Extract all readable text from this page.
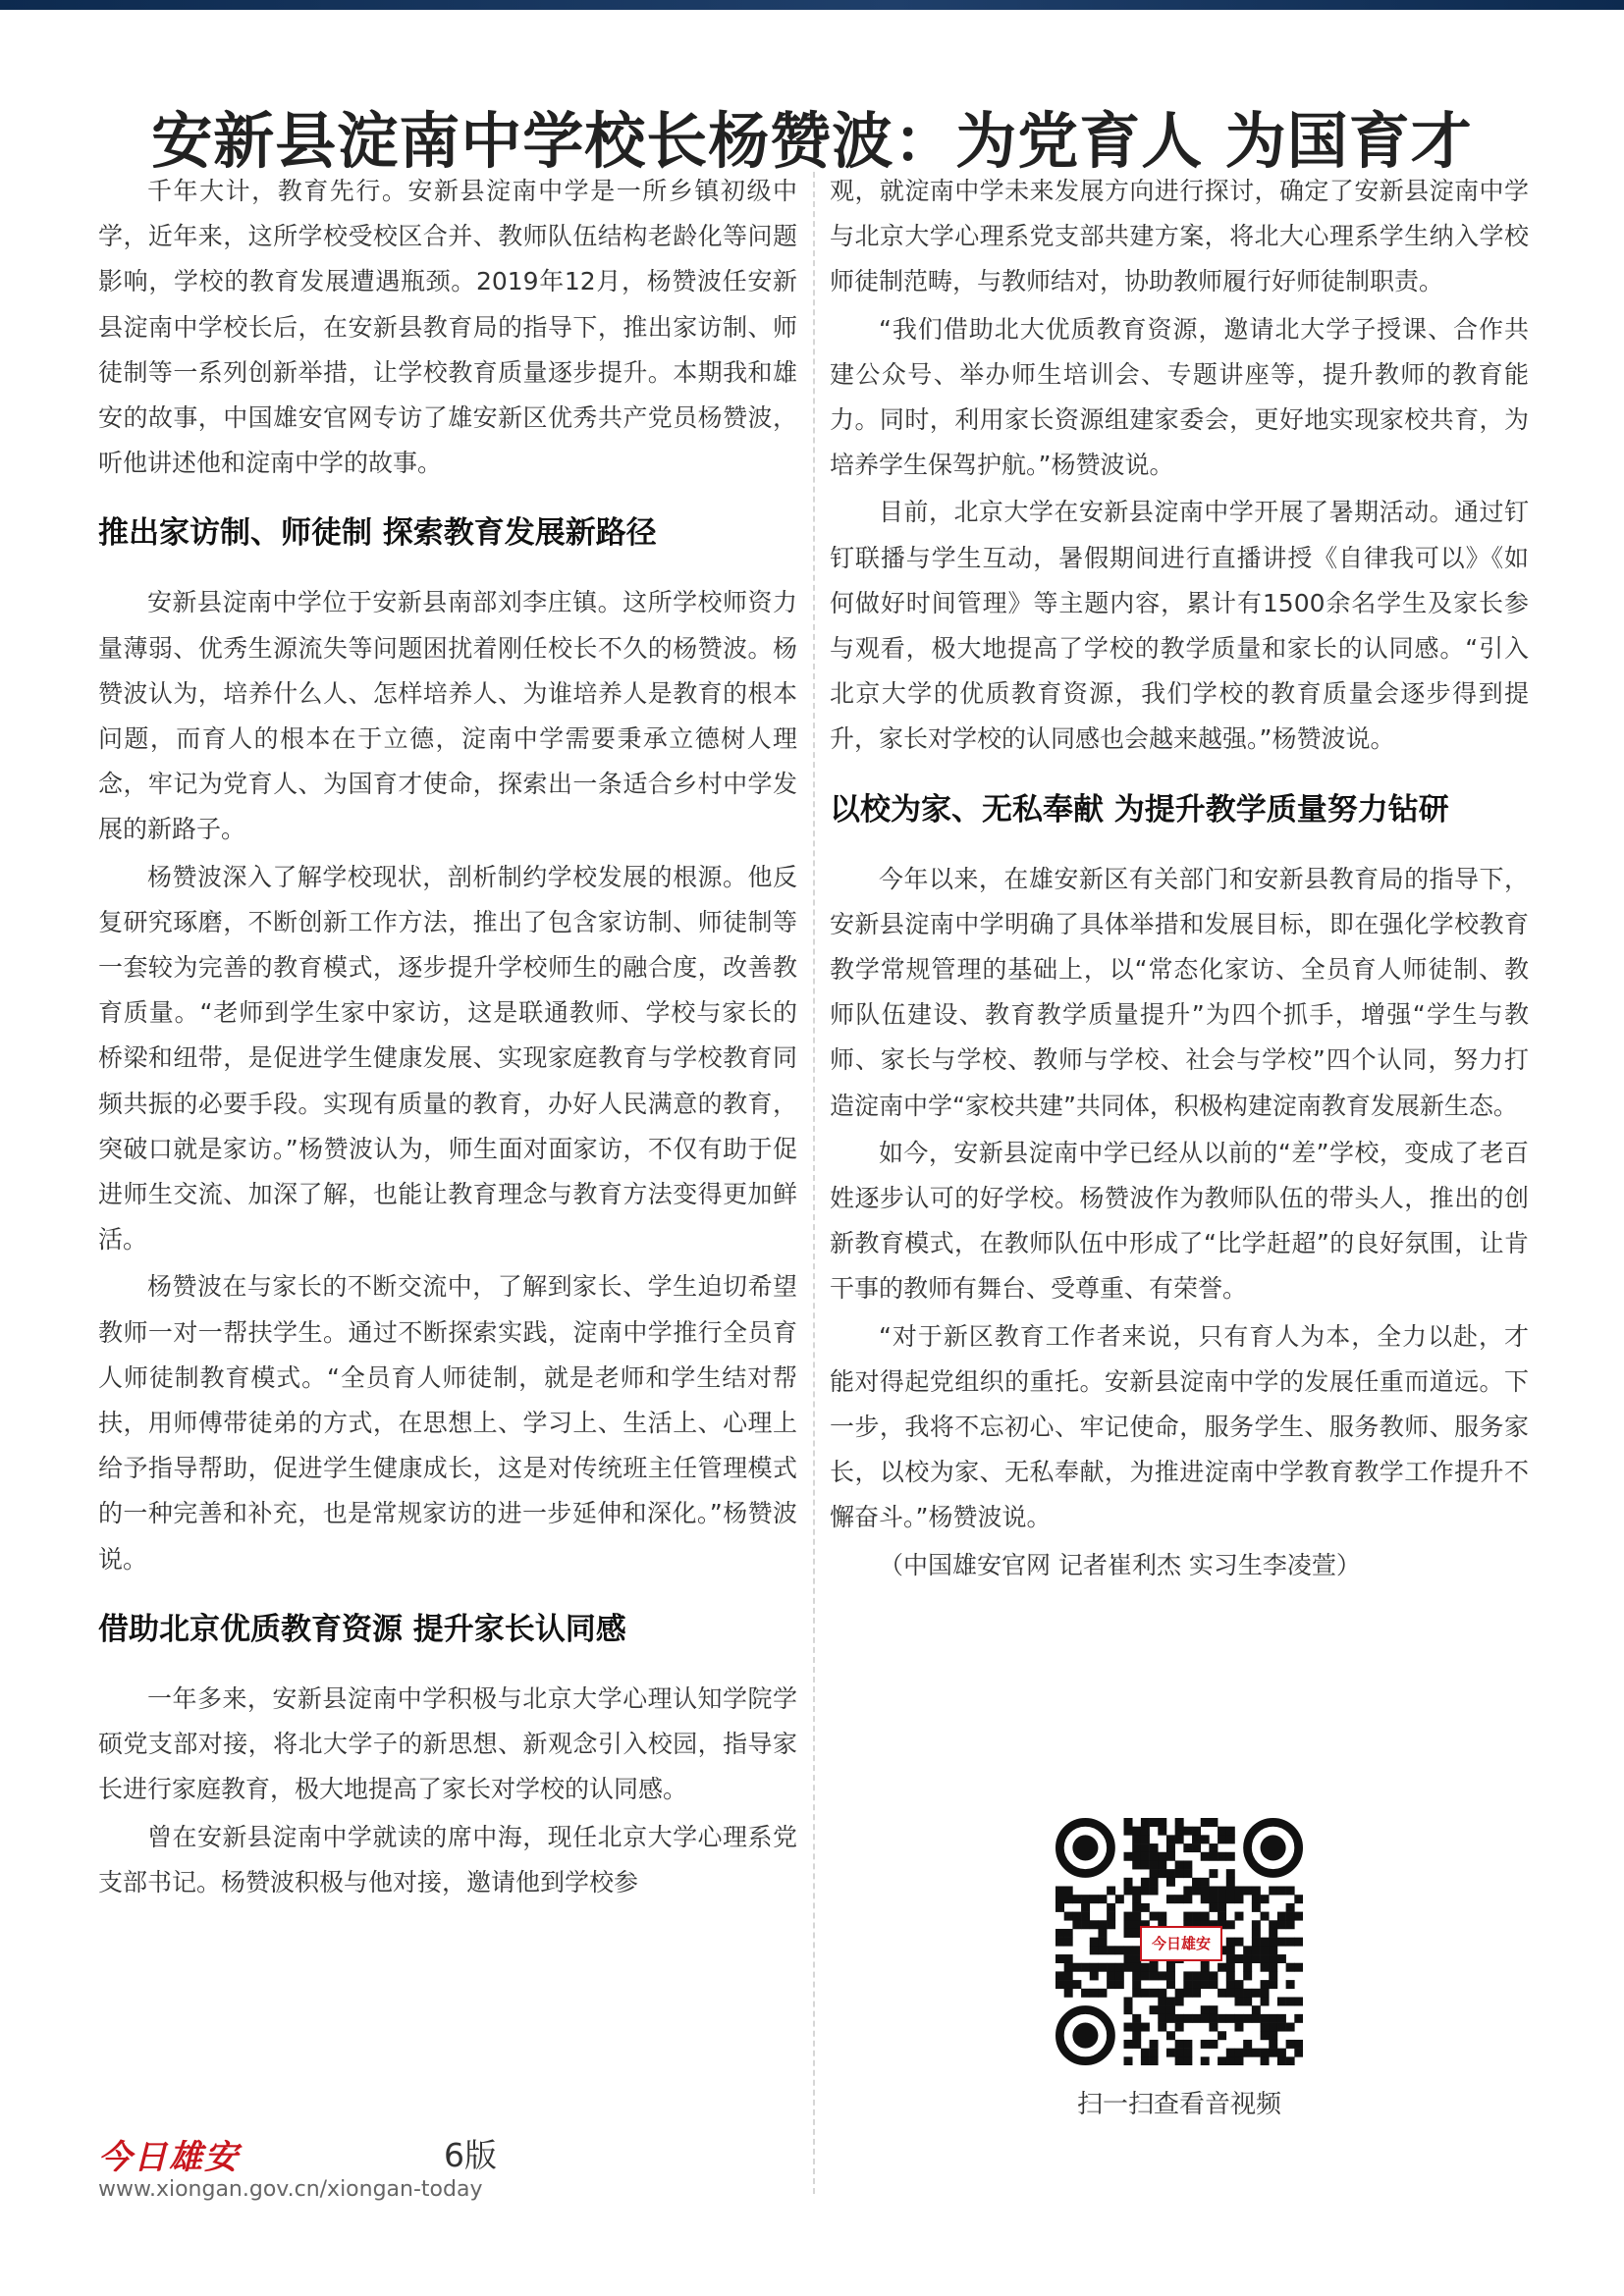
安新县淀南中学校长杨赞波：为党育人 为国育才

千年大计，教育先行。安新县淀南中学是一所乡镇初级中学，近年来，这所学校受校区合并、教师队伍结构老龄化等问题影响，学校的教育发展遭遇瓶颈。2019年12月，杨赞波任安新县淀南中学校长后，在安新县教育局的指导下，推出家访制、师徒制等一系列创新举措，让学校教育质量逐步提升。本期我和雄安的故事，中国雄安官网专访了雄安新区优秀共产党员杨赞波，听他讲述他和淀南中学的故事。

推出家访制、师徒制 探索教育发展新路径

安新县淀南中学位于安新县南部刘李庄镇。这所学校师资力量薄弱、优秀生源流失等问题困扰着刚任校长不久的杨赞波。杨赞波认为，培养什么人、怎样培养人、为谁培养人是教育的根本问题，而育人的根本在于立德，淀南中学需要秉承立德树人理念，牢记为党育人、为国育才使命，探索出一条适合乡村中学发展的新路子。

杨赞波深入了解学校现状，剖析制约学校发展的根源。他反复研究琢磨，不断创新工作方法，推出了包含家访制、师徒制等一套较为完善的教育模式，逐步提升学校师生的融合度，改善教育质量。“老师到学生家中家访，这是联通教师、学校与家长的桥梁和纽带，是促进学生健康发展、实现家庭教育与学校教育同频共振的必要手段。实现有质量的教育，办好人民满意的教育，突破口就是家访。”杨赞波认为，师生面对面家访，不仅有助于促进师生交流、加深了解，也能让教育理念与教育方法变得更加鲜活。

杨赞波在与家长的不断交流中，了解到家长、学生迫切希望教师一对一帮扶学生。通过不断探索实践，淀南中学推行全员育人师徒制教育模式。“全员育人师徒制，就是老师和学生结对帮扶，用师傅带徒弟的方式，在思想上、学习上、生活上、心理上给予指导帮助，促进学生健康成长，这是对传统班主任管理模式的一种完善和补充，也是常规家访的进一步延伸和深化。”杨赞波说。

借助北京优质教育资源 提升家长认同感

一年多来，安新县淀南中学积极与北京大学心理认知学院学硕党支部对接，将北大学子的新思想、新观念引入校园，指导家长进行家庭教育，极大地提高了家长对学校的认同感。

曾在安新县淀南中学就读的席中海，现任北京大学心理系党支部书记。杨赞波积极与他对接，邀请他到学校参

观，就淀南中学未来发展方向进行探讨，确定了安新县淀南中学与北京大学心理系党支部共建方案，将北大心理系学生纳入学校师徒制范畴，与教师结对，协助教师履行好师徒制职责。

“我们借助北大优质教育资源，邀请北大学子授课、合作共建公众号、举办师生培训会、专题讲座等，提升教师的教育能力。同时，利用家长资源组建家委会，更好地实现家校共育，为培养学生保驾护航。”杨赞波说。

目前，北京大学在安新县淀南中学开展了暑期活动。通过钉钉联播与学生互动，暑假期间进行直播讲授《自律我可以》《如何做好时间管理》等主题内容，累计有1500余名学生及家长参与观看，极大地提高了学校的教学质量和家长的认同感。“引入北京大学的优质教育资源，我们学校的教育质量会逐步得到提升，家长对学校的认同感也会越来越强。”杨赞波说。

以校为家、无私奉献 为提升教学质量努力钻研

今年以来，在雄安新区有关部门和安新县教育局的指导下，安新县淀南中学明确了具体举措和发展目标，即在强化学校教育教学常规管理的基础上，以“常态化家访、全员育人师徒制、教师队伍建设、教育教学质量提升”为四个抓手，增强“学生与教师、家长与学校、教师与学校、社会与学校”四个认同，努力打造淀南中学“家校共建”共同体，积极构建淀南教育发展新生态。

如今，安新县淀南中学已经从以前的“差”学校，变成了老百姓逐步认可的好学校。杨赞波作为教师队伍的带头人，推出的创新教育模式，在教师队伍中形成了“比学赶超”的良好氛围，让肯干事的教师有舞台、受尊重、有荣誉。

“对于新区教育工作者来说，只有育人为本，全力以赴，才能对得起党组织的重托。安新县淀南中学的发展任重而道远。下一步，我将不忘初心、牢记使命，服务学生、服务教师、服务家长，以校为家、无私奉献，为推进淀南中学教育教学工作提升不懈奋斗。”杨赞波说。

（中国雄安官网 记者崔利杰 实习生李凌萱）

今日雄安
扫一扫查看音视频
今日雄安	6版
www.xiongan.gov.cn/xiongan-today
